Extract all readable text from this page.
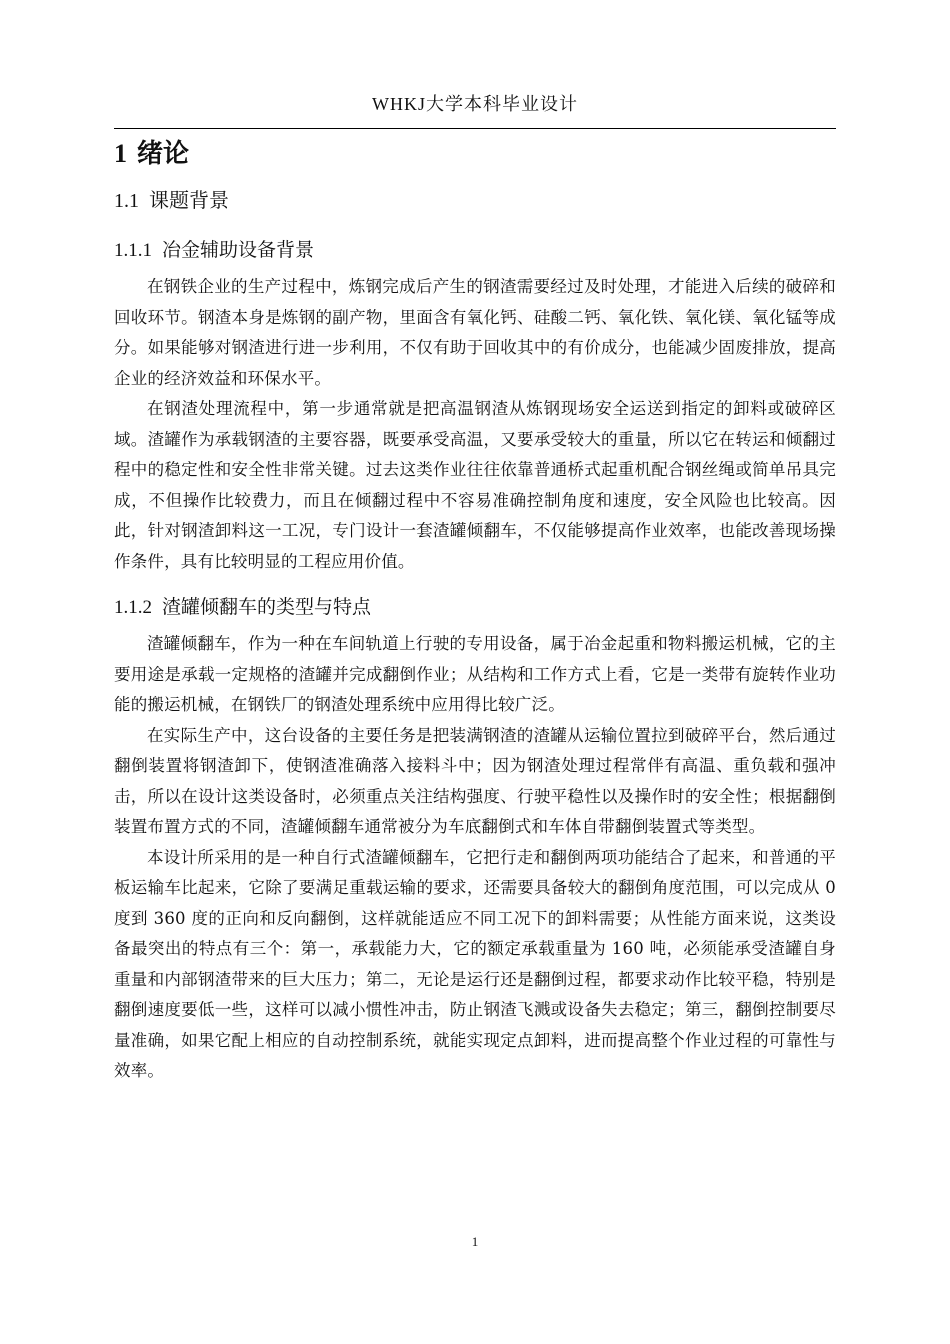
WHKJ大学本科毕业设计
1 绪论
1.1 课题背景
1.1.1 冶金辅助设备背景

在钢铁企业的生产过程中，炼钢完成后产生的钢渣需要经过及时处理，才能进入后续的破碎和回收环节。钢渣本身是炼钢的副产物，里面含有氧化钙、硅酸二钙、氧化铁、氧化镁、氧化锰等成分。如果能够对钢渣进行进一步利用，不仅有助于回收其中的有价成分，也能减少固废排放，提高企业的经济效益和环保水平。

在钢渣处理流程中，第一步通常就是把高温钢渣从炼钢现场安全运送到指定的卸料或破碎区域。渣罐作为承载钢渣的主要容器，既要承受高温，又要承受较大的重量，所以它在转运和倾翻过程中的稳定性和安全性非常关键。过去这类作业往往依靠普通桥式起重机配合钢丝绳或简单吊具完成，不但操作比较费力，而且在倾翻过程中不容易准确控制角度和速度，安全风险也比较高。因此，针对钢渣卸料这一工况，专门设计一套渣罐倾翻车，不仅能够提高作业效率，也能改善现场操作条件，具有比较明显的工程应用价值。

1.1.2 渣罐倾翻车的类型与特点

渣罐倾翻车，作为一种在车间轨道上行驶的专用设备，属于冶金起重和物料搬运机械，它的主要用途是承载一定规格的渣罐并完成翻倒作业；从结构和工作方式上看，它是一类带有旋转作业功能的搬运机械，在钢铁厂的钢渣处理系统中应用得比较广泛。

在实际生产中，这台设备的主要任务是把装满钢渣的渣罐从运输位置拉到破碎平台，然后通过翻倒装置将钢渣卸下，使钢渣准确落入接料斗中；因为钢渣处理过程常伴有高温、重负载和强冲击，所以在设计这类设备时，必须重点关注结构强度、行驶平稳性以及操作时的安全性；根据翻倒装置布置方式的不同，渣罐倾翻车通常被分为车底翻倒式和车体自带翻倒装置式等类型。

本设计所采用的是一种自行式渣罐倾翻车，它把行走和翻倒两项功能结合了起来，和普通的平板运输车比起来，它除了要满足重载运输的要求，还需要具备较大的翻倒角度范围，可以完成从 0 度到 360 度的正向和反向翻倒，这样就能适应不同工况下的卸料需要；从性能方面来说，这类设备最突出的特点有三个：第一，承载能力大，它的额定承载重量为 160 吨，必须能承受渣罐自身重量和内部钢渣带来的巨大压力；第二，无论是运行还是翻倒过程，都要求动作比较平稳，特别是翻倒速度要低一些，这样可以减小惯性冲击，防止钢渣飞溅或设备失去稳定；第三，翻倒控制要尽量准确，如果它配上相应的自动控制系统，就能实现定点卸料，进而提高整个作业过程的可靠性与效率。

1
